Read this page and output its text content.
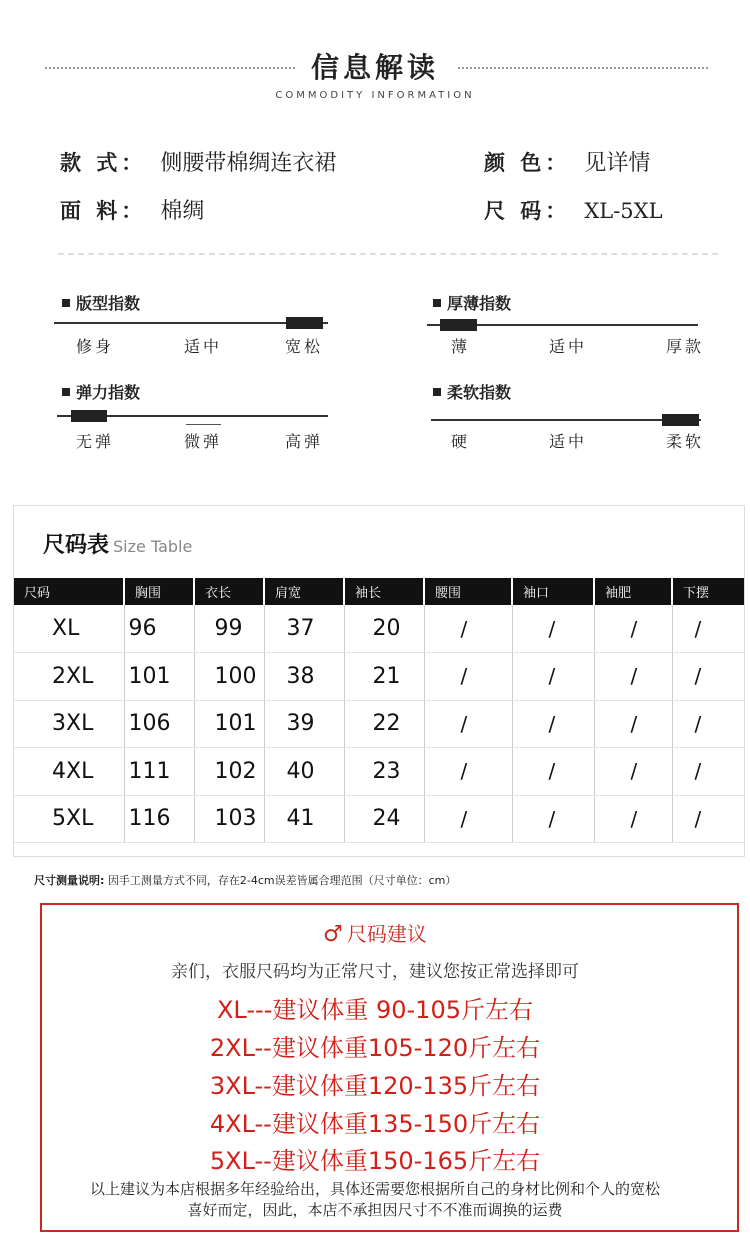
信息解读
COMMODITY INFORMATION
款 式： 侧腰带棉绸连衣裙	颜 色： 见详情
面 料： 棉绸	尺 码： XL-5XL
版型指数
修身	适中	宽松
厚薄指数
薄	适中	厚款
弹力指数
无弹	微弹	高弹
柔软指数
硬	适中	柔软
尺码表 Size Table
尺码	胸围	衣长	肩宽	袖长	腰围	袖口	袖肥	下摆
XL	96	99	37	20	/	/	/	/
2XL	101	100	38	21	/	/	/	/
3XL	106	101	39	22	/	/	/	/
4XL	111	102	40	23	/	/	/	/
5XL	116	103	41	24	/	/	/	/
尺寸测量说明: 因手工测量方式不同，存在2-4cm误差皆属合理范围（尺寸单位：cm）
♂ 尺码建议
亲们，衣服尺码均为正常尺寸，建议您按正常选择即可
XL---建议体重 90-105斤左右
2XL--建议体重105-120斤左右
3XL--建议体重120-135斤左右
4XL--建议体重135-150斤左右
5XL--建议体重150-165斤左右
以上建议为本店根据多年经验给出，具体还需要您根据所自己的身材比例和个人的宽松
喜好而定，因此，本店不承担因尺寸不不准而调换的运费
